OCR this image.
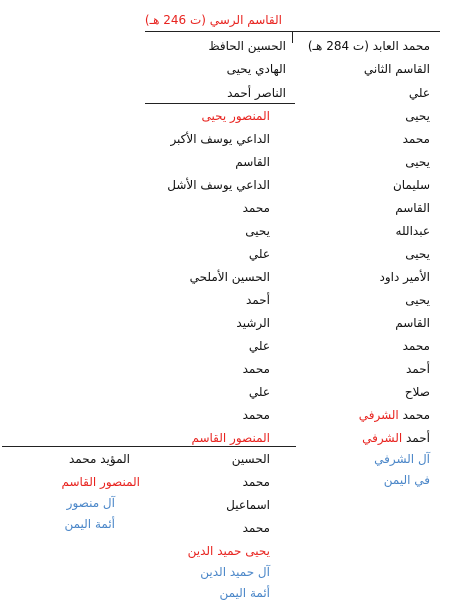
القاسم الرسي (ت 246 هـ)
محمد العابد (ت 284 هـ)
القاسم الثاني
علي
يحيى
محمد
يحيى
سليمان
القاسم
عبدالله
يحيى
الأمير داود
يحيى
القاسم
محمد
أحمد
صلاح
محمد الشرفي
أحمد الشرفي
آل الشرفي
في اليمن
الحسين الحافظ
الهادي يحيى
الناصر أحمد
المنصور يحيى
الداعي يوسف الأكبر
القاسم
الداعي يوسف الأشل
محمد
يحيى
علي
الحسين الأملحي
أحمد
الرشيد
علي
محمد
علي
محمد
المنصور القاسم
الحسين
محمد
اسماعيل
محمد
يحيى حميد الدين
آل حميد الدين
أئمة اليمن
المؤيد محمد
المنصور القاسم
آل منصور
أئمة اليمن
